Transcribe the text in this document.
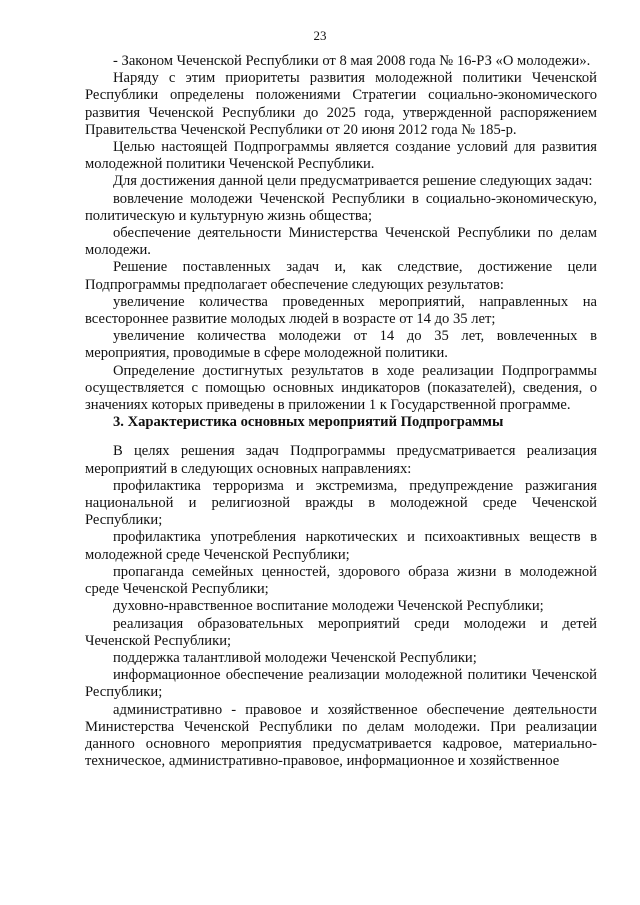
23

- Законом Чеченской Республики от 8 мая 2008 года № 16-РЗ «О молодежи».

Наряду с этим приоритеты развития молодежной политики Чеченской Республики определены положениями Стратегии социально-экономического развития Чеченской Республики до 2025 года, утвержденной распоряжением Правительства Чеченской Республики от 20 июня 2012 года № 185-р.

Целью настоящей Подпрограммы является создание условий для развития молодежной политики Чеченской Республики.

Для достижения данной цели предусматривается решение следующих задач:

вовлечение молодежи Чеченской Республики в социально-экономическую, политическую и культурную жизнь общества;

обеспечение деятельности Министерства Чеченской Республики по делам молодежи.

Решение поставленных задач и, как следствие, достижение цели Подпрограммы предполагает обеспечение следующих результатов:

увеличение количества проведенных мероприятий, направленных на всестороннее развитие молодых людей в возрасте от 14 до 35 лет;

увеличение количества молодежи от 14 до 35 лет, вовлеченных в мероприятия, проводимые в сфере молодежной политики.

Определение достигнутых результатов в ходе реализации Подпрограммы осуществляется с помощью основных индикаторов (показателей), сведения, о значениях которых приведены в приложении 1 к Государственной программе.

3. Характеристика основных мероприятий Подпрограммы

В целях решения задач Подпрограммы предусматривается реализация мероприятий в следующих основных направлениях:

профилактика терроризма и экстремизма, предупреждение разжигания национальной и религиозной вражды в молодежной среде Чеченской Республики;

профилактика употребления наркотических и психоактивных веществ в молодежной среде Чеченской Республики;

пропаганда семейных ценностей, здорового образа жизни в молодежной среде Чеченской Республики;

духовно-нравственное воспитание молодежи Чеченской Республики;

реализация образовательных мероприятий среди молодежи и детей Чеченской Республики;

поддержка талантливой молодежи Чеченской Республики;

информационное обеспечение реализации молодежной политики Чеченской Республики;

административно - правовое и хозяйственное обеспечение деятельности Министерства Чеченской Республики по делам молодежи. При реализации данного основного мероприятия предусматривается кадровое, материально-техническое, административно-правовое, информационное и хозяйственное
